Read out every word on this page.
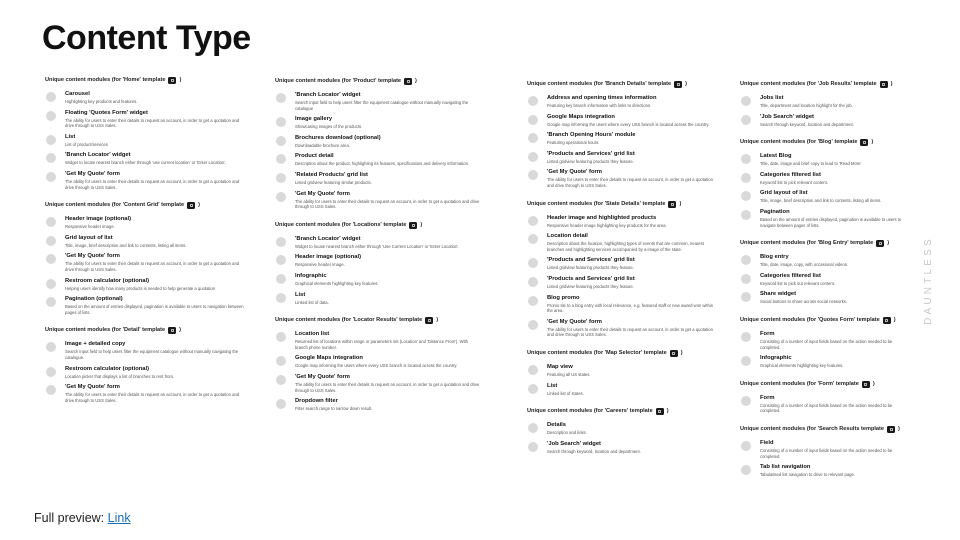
Content Type
Unique content modules (for 'Home' template	)
Carousel
Highlighting key products and features.
Floating 'Quotes Form' widget
The ability for users to enter their details to request an account, in order to get a quotation and drive through to USS Sales.
List
List of product/services
'Branch Locator' widget
Widget to locate nearest branch either through 'use current location' or 'Enter Location'.
'Get My Quote' form
The ability for users to enter their details to request an account, in order to get a quotation and drive through to USS Sales.
Unique content modules (for 'Content Grid' template	)
Header image (optional)
Responsive header image.
Grid layout of list
Title, image, brief description and link to contents, listing all items.
'Get My Quote' form
The ability for users to enter their details to request an account, in order to get a quotation and drive through to USS Sales.
Restroom calculator (optional)
Helping users identify how many products is needed to help generate a quotation
Pagination (optional)
Based on the amount of entries displayed, pagination is available to users to navigation between pages of lists.
Unique content modules (for 'Detail' template	)
Image + detailed copy
Search input field to help users filter the equipment catalogue without manually navigating the catalogue.
Restroom calculator (optional)
Location picker that displays a list of branches to rent from.
'Get My Quote' form
The ability for users to enter their details to request an account, in order to get a quotation and drive through to USS Sales.
Unique content modules (for 'Product' template	)
'Branch Locator' widget
Search input field to help users filter the equipment catalogue without manually navigating the catalogue
Image gallery
Showcasing images of the products.
Brochures download (optional)
Downloadable brochure area.
Product detail
Description about the product, highlighting its features, specifications and delivery information.
'Related Products' grid list
Listed gridview featuring similar products.
'Get My Quote' form
The ability for users to enter their details to request an account, in order to get a quotation and drive through to USS Sales.
Unique content modules (for 'Locations' template	)
'Branch Locator' widget
Widget to locate nearest branch either through 'Use Current Location' or 'Enter Location'.
Header image (optional)
Responsive header image.
Infographic
Graphical elements highlighting key features.
List
Linked list of data.
Unique content modules (for 'Locator Results' template	)
Location list
Returned list of locations within range or parameters set (Location' and 'Distance From'). With branch phone number.
Google Maps integration
Google map informing the users where every USS branch is located across the country.
'Get My Quote' form
The ability for users to enter their details to request an account, in order to get a quotation and drive through to USS Sales.
Dropdown filter
Filter search range to narrow down result.
Unique content modules (for 'Branch Details' template	)
Address and opening times information
Featuring key branch information with links to directions.
Google Maps integration
Google map informing the users where every USS branch is located across the country.
'Branch Opening Hours' module
Featuring operational hours.
'Products and Services' grid list
Listed gridview featuring products they feature.
'Get My Quote' form
The ability for users to enter their details to request an account, in order to get a quotation and drive through to USS Sales.
Unique content modules (for 'State Details' template	)
Header image and highlighted products
Responsive header image highlighting key products for the area.
Location detail
Description about the location, highlighting types of events that are common, nearest branches and highlighting services accompanied by a image of the state.
'Products and Services' grid list
Listed gridview featuring products they feature.
'Products and Services' grid list
Listed gridview featuring products they feature.
Blog promo
Promo tile to a blog entry with local relevance, e.g. featured staff or new award won within the area.
'Get My Quote' form
The ability for users to enter their details to request an account, in order to get a quotation and drive through to USS Sales.
Unique content modules (for 'Map Selector' template	)
Map view
Featuring all US states.
List
Linked list of states.
Unique content modules (for 'Careers' template	)
Details
Description and links.
'Job Search' widget
Search through keyword, location and department.
Unique content modules (for 'Job Results' template	)
Jobs list
Title, department and location highlight for the job.
'Job Search' widget
Search through keyword, location and department.
Unique content modules (for 'Blog' template	)
Latest Blog
Title, date, image and brief copy to lead to 'Read More'.
Categories filtered list
Keyword list to pick relevant content.
Grid layout of list
Title, image, brief description and link to contents, listing all items.
Pagination
Based on the amount of entries displayed, pagination is available to users to navigate between pages of lists.
Unique content modules (for 'Blog Entry' template	)
Blog entry
Title, date, image, copy, with occasional videos.
Categories filtered list
Keyword list to pick out relevant content.
Share widget
Social buttons to share across social networks.
Unique content modules (for 'Quotes Form' template	)
Form
Consisting of a number of input fields based on the action needed to be completed.
Infographic
Graphical elements highlighting key features.
Unique content modules (for 'Form' template	)
Form
Consisting of a number of input fields based on the action needed to be completed.
Unique content modules (for 'Search Results template	)
Field
Consisting of a number of input fields based on the action needed to be completed.
Tab list navigation
Tabulatised list navigation to drive to relevant page.
DAUNTLESS
Full preview: Link
